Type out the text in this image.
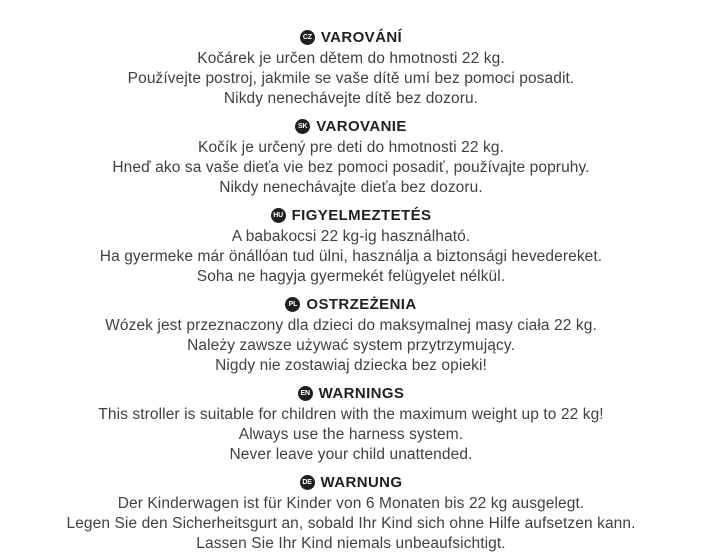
CZ VAROVÁNÍ

Kočárek je určen dětem do hmotnosti 22 kg.

Používejte postroj, jakmile se vaše dítě umí bez pomoci posadit.

Nikdy nenechávejte dítě bez dozoru.

SK VAROVANIE

Kočík je určený pre deti do hmotnosti 22 kg.

Hneď ako sa vaše dieťa vie bez pomoci posadiť, používajte popruhy.

Nikdy nenechávajte dieťa bez dozoru.

HU FIGYELMEZTETÉS

A babakocsi 22 kg-ig használható.

Ha gyermeke már önállóan tud ülni, használja a biztonsági hevedereket.

Soha ne hagyja gyermekét felügyelet nélkül.

PL OSTRZEŻENIA

Wózek jest przeznaczony dla dzieci do maksymalnej masy ciała 22 kg.

Należy zawsze używać system przytrzymujący.

Nigdy nie zostawiaj dziecka bez opieki!

EN WARNINGS

This stroller is suitable for children with the maximum weight up to 22 kg!

Always use the harness system.

Never leave your child unattended.

DE WARNUNG

Der Kinderwagen ist für Kinder von 6 Monaten bis 22 kg ausgelegt.

Legen Sie den Sicherheitsgurt an, sobald Ihr Kind sich ohne Hilfe aufsetzen kann.

Lassen Sie Ihr Kind niemals unbeaufsichtigt.
